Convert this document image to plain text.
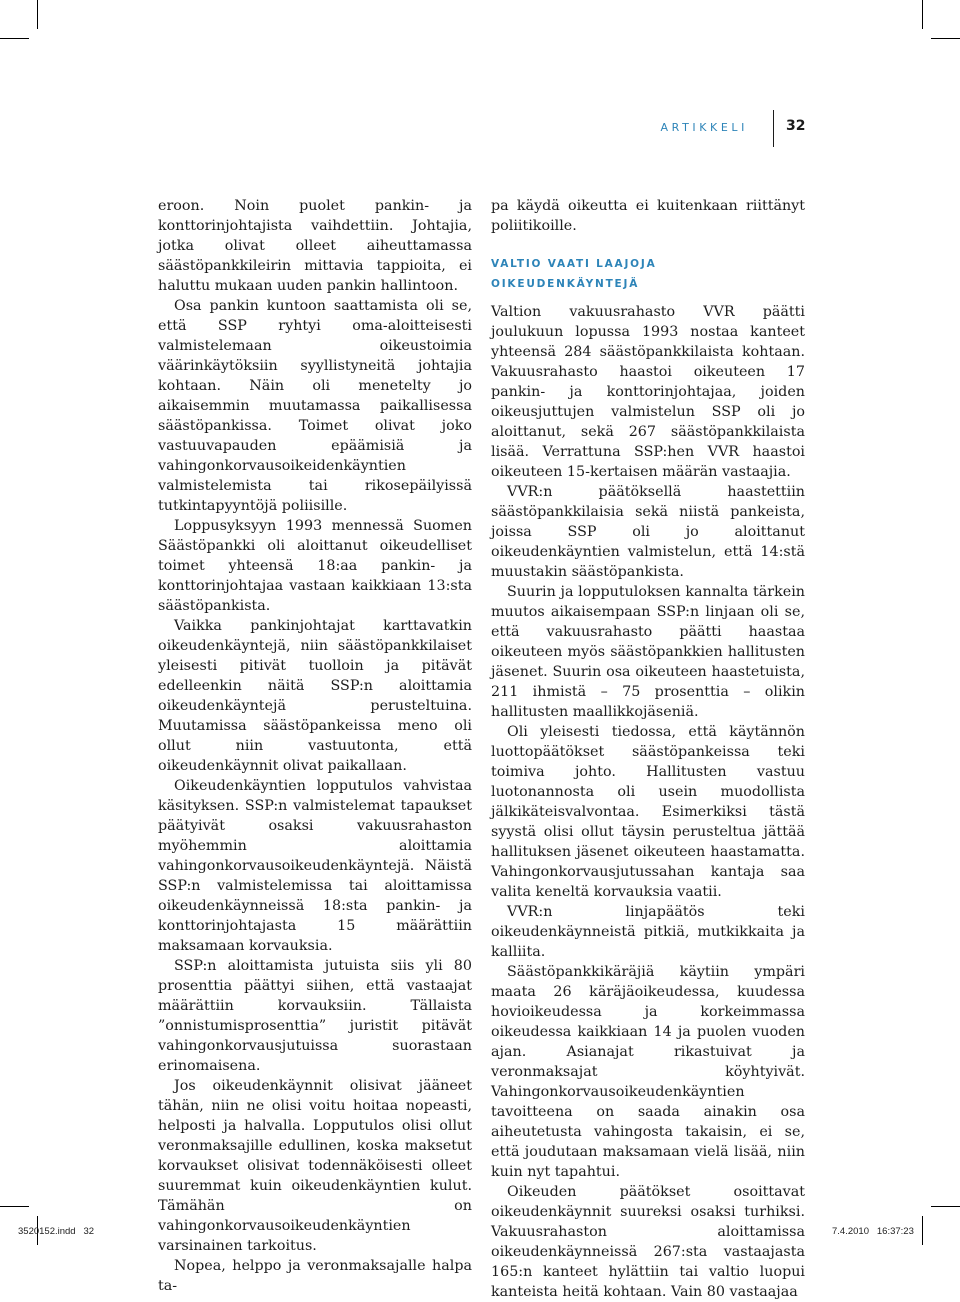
ARTIKKELI	32

eroon. Noin puolet pankin- ja konttorinjohtajista vaihdettiin. Johtajia, jotka olivat olleet aiheuttamassa säästöpankkileirin mittavia tappioita, ei haluttu mukaan uuden pankin hallintoon.

Osa pankin kuntoon saattamista oli se, että SSP ryhtyi oma-aloitteisesti valmistelemaan oikeustoimia väärinkäytöksiin syyllistyneitä johtajia kohtaan. Näin oli menetelty jo aikaisemmin muutamassa paikallisessa säästöpankissa. Toimet olivat joko vastuuvapauden epäämisiä ja vahingonkorvausoikeidenkäyntien valmistelemista tai rikosepäilyissä tutkintapyyntöjä poliisille.

Loppusyksyyn 1993 mennessä Suomen Säästöpankki oli aloittanut oikeudelliset toimet yhteensä 18:aa pankin- ja konttorinjohtajaa vastaan kaikkiaan 13:sta säästöpankista.

Vaikka pankinjohtajat karttavatkin oikeudenkäyntejä, niin säästöpankkilaiset yleisesti pitivät tuolloin ja pitävät edelleenkin näitä SSP:n aloittamia oikeudenkäyntejä perusteltuina. Muutamissa säästöpankeissa meno oli ollut niin vastuutonta, että oikeudenkäynnit olivat paikallaan.

Oikeudenkäyntien lopputulos vahvistaa käsityksen. SSP:n valmistelemat tapaukset päätyivät osaksi vakuusrahaston myöhemmin aloittamia vahingonkorvausoikeudenkäyntejä. Näistä SSP:n valmistelemissa tai aloittamissa oikeudenkäynneissä 18:sta pankin- ja konttorinjohtajasta 15 määrättiin maksamaan korvauksia.

SSP:n aloittamista jutuista siis yli 80 prosenttia päättyi siihen, että vastaajat määrättiin korvauksiin. Tällaista ”onnistumisprosenttia” juristit pitävät vahingonkorvausjutuissa suorastaan erinomaisena.

Jos oikeudenkäynnit olisivat jääneet tähän, niin ne olisi voitu hoitaa nopeasti, helposti ja halvalla. Lopputulos olisi ollut veronmaksajille edullinen, koska maksetut korvaukset olisivat todennäköisesti olleet suuremmat kuin oikeudenkäyntien kulut. Tämähän on vahingonkorvausoikeudenkäyntien varsinainen tarkoitus.

Nopea, helppo ja veronmaksajalle halpa ta-

pa käydä oikeutta ei kuitenkaan riittänyt poliitikoille.

VALTIO VAATI LAAJOJA OIKEUDENKÄYNTEJÄ

Valtion vakuusrahasto VVR päätti joulukuun lopussa 1993 nostaa kanteet yhteensä 284 säästöpankkilaista kohtaan. Vakuusrahasto haastoi oikeuteen 17 pankin- ja konttorinjohtajaa, joiden oikeusjuttujen valmistelun SSP oli jo aloittanut, sekä 267 säästöpankkilaista lisää. Verrattuna SSP:hen VVR haastoi oikeuteen 15-kertaisen määrän vastaajia.

VVR:n päätöksellä haastettiin säästöpankkilaisia sekä niistä pankeista, joissa SSP oli jo aloittanut oikeudenkäyntien valmistelun, että 14:stä muustakin säästöpankista.

Suurin ja lopputuloksen kannalta tärkein muutos aikaisempaan SSP:n linjaan oli se, että vakuusrahasto päätti haastaa oikeuteen myös säästöpankkien hallitusten jäsenet. Suurin osa oikeuteen haastetuista, 211 ihmistä – 75 prosenttia – olikin hallitusten maallikkojäseniä.

Oli yleisesti tiedossa, että käytännön luottopäätökset säästöpankeissa teki toimiva johto. Hallitusten vastuu luotonannosta oli usein muodollista jälkikäteisvalvontaa. Esimerkiksi tästä syystä olisi ollut täysin perusteltua jättää hallituksen jäsenet oikeuteen haastamatta. Vahingonkorvausjutussahan kantaja saa valita keneltä korvauksia vaatii.

VVR:n linjapäätös teki oikeudenkäynneistä pitkiä, mutkikkaita ja kalliita.

Säästöpankkikäräjiä käytiin ympäri maata 26 käräjäoikeudessa, kuudessa hovioikeudessa ja korkeimmassa oikeudessa kaikkiaan 14 ja puolen vuoden ajan. Asianajat rikastuivat ja veronmaksajat köyhtyivät. Vahingonkorvausoikeudenkäyntien tavoitteena on saada ainakin osa aiheutetusta vahingosta takaisin, ei se, että joudutaan maksamaan vielä lisää, niin kuin nyt tapahtui.

Oikeuden päätökset osoittavat oikeudenkäynnit suureksi osaksi turhiksi. Vakuusrahaston aloittamissa oikeudenkäynneissä 267:sta vastaajasta 165:n kanteet hylättiin tai valtio luopui kanteista heitä kohtaan. Vain 80 vastaajaa

3520152.indd   32	7.4.2010   16:37:23
